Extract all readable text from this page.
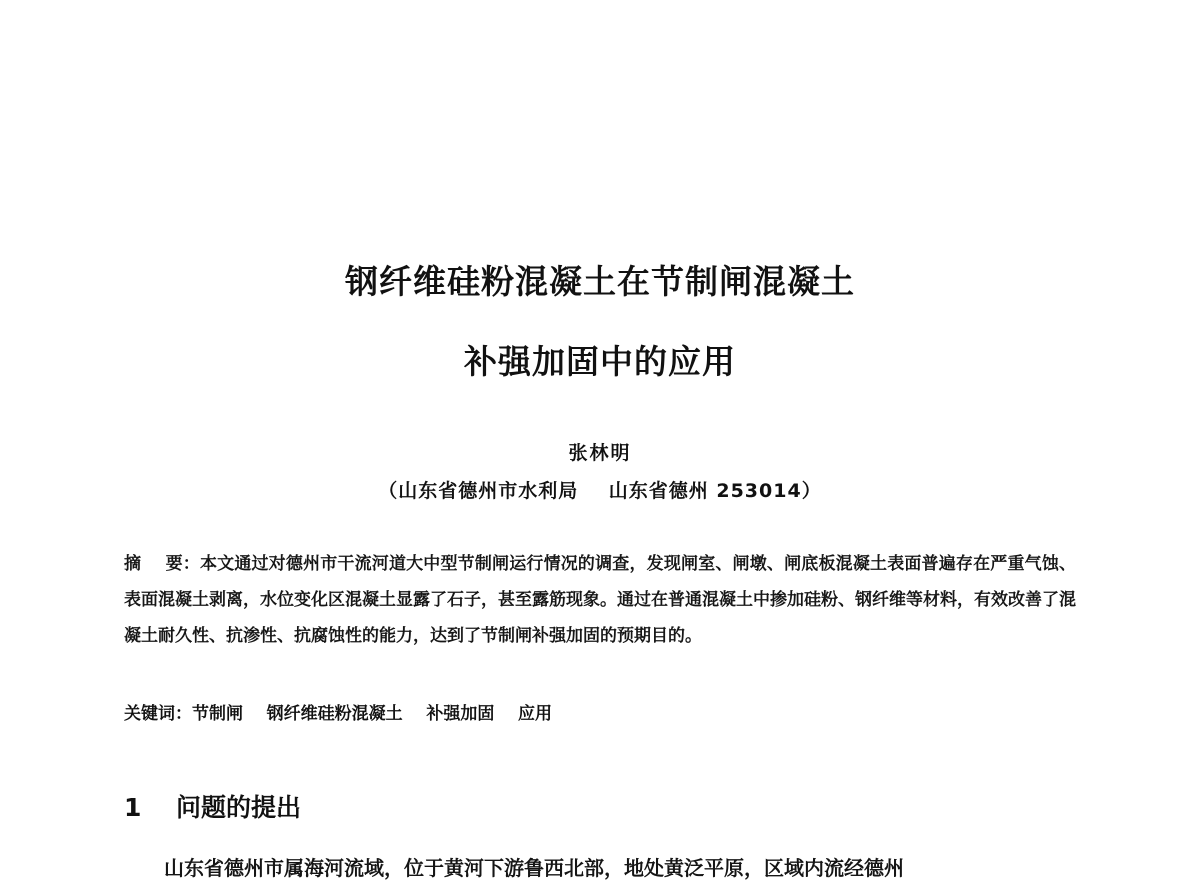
钢纤维硅粉混凝土在节制闸混凝土
补强加固中的应用
张林明
（山东省德州市水利局    山东省德州 253014）
摘    要：本文通过对德州市干流河道大中型节制闸运行情况的调查，发现闸室、闸墩、闸底板混凝土表面普遍存在严重气蚀、表面混凝土剥离，水位变化区混凝土显露了石子，甚至露筋现象。通过在普通混凝土中掺加硅粉、钢纤维等材料，有效改善了混凝土耐久性、抗渗性、抗腐蚀性的能力，达到了节制闸补强加固的预期目的。
关键词：节制闸    钢纤维硅粉混凝土    补强加固    应用
1 问题的提出
山东省德州市属海河流域，位于黄河下游鲁西北部，地处黄泛平原，区域内流经德州
